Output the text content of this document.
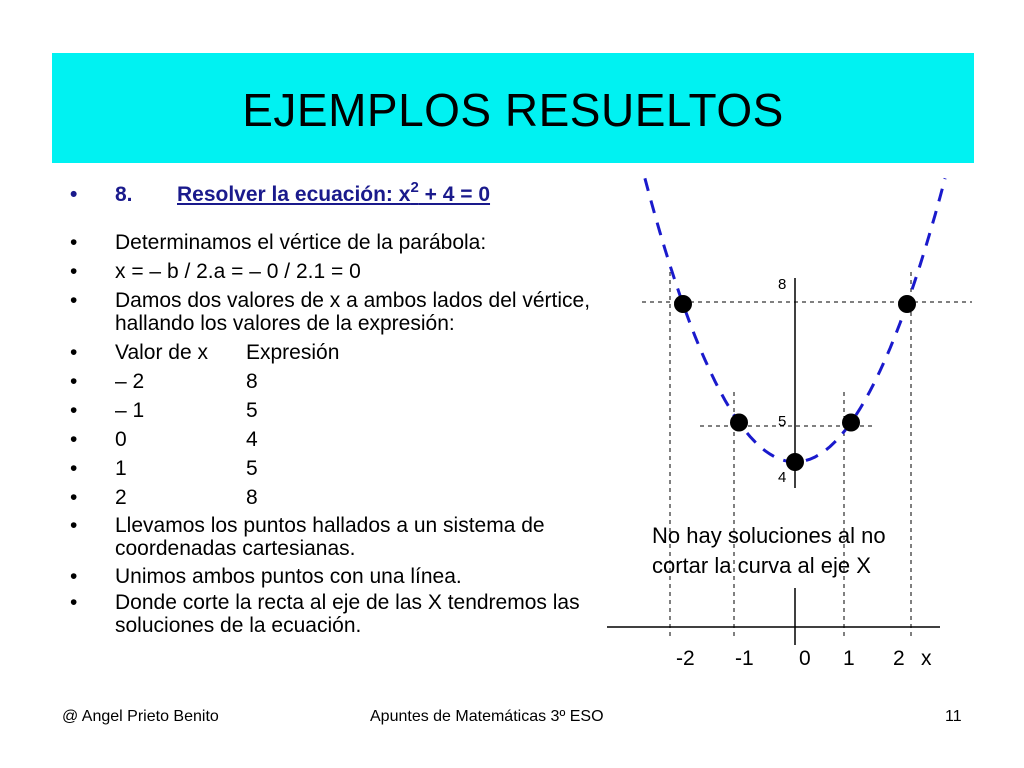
EJEMPLOS RESUELTOS
• 8. Resolver la ecuación: $x^2 + 4 = 0$
• Determinamos el vértice de la parábola:
• x = – b / 2.a = – 0 / 2.1 = 0
• Damos dos valores de x a ambos lados del vértice, hallando los valores de la expresión:
• Valor de x Expresión
• – 2	8
• – 1	5
• 0	4
• 1	5
• 2	8
• Llevamos los puntos hallados a un sistema de coordenadas cartesianas.
• Unimos ambos puntos con una línea.
• Donde corte la recta al eje de las X tendremos las soluciones de la ecuación.
8
5
4
No hay soluciones al no
cortar la curva al eje X
-2 -1 0 1 2 x
@ Angel Prieto Benito	Apuntes de Matemáticas 3º ESO	11
